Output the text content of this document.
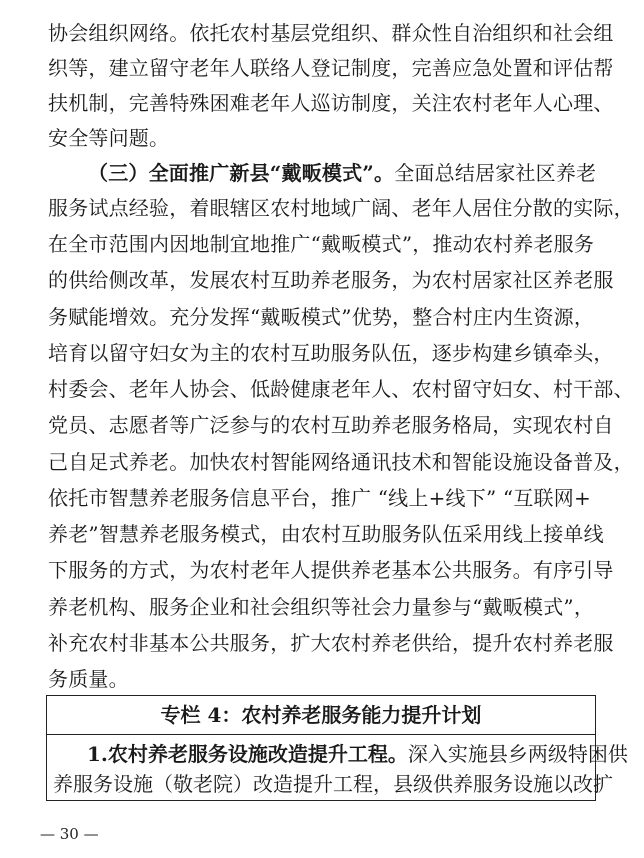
协会组织网络。依托农村基层党组织、群众性自治组织和社会组
织等，建立留守老年人联络人登记制度，完善应急处置和评估帮
扶机制，完善特殊困难老年人巡访制度，关注农村老年人心理、
安全等问题。
（三）全面推广新县“戴畈模式”。全面总结居家社区养老
专栏 4：农村养老服务能力提升计划
1.农村养老服务设施改造提升工程。深入实施县乡两级特困供
养服务设施（敬老院）改造提升工程，县级供养服务设施以改扩
— 30 —
服务试点经验，着眼辖区农村地域广阔、老年人居住分散的实际，
在全市范围内因地制宜地推广“戴畈模式”，推动农村养老服务
的供给侧改革，发展农村互助养老服务，为农村居家社区养老服
务赋能增效。充分发挥“戴畈模式”优势，整合村庄内生资源，
培育以留守妇女为主的农村互助服务队伍，逐步构建乡镇牵头，
村委会、老年人协会、低龄健康老年人、农村留守妇女、村干部、
党员、志愿者等广泛参与的农村互助养老服务格局，实现农村自
己自足式养老。加快农村智能网络通讯技术和智能设施设备普及，
依托市智慧养老服务信息平台，推广 “线上+线下” “互联网+
养老”智慧养老服务模式，由农村互助服务队伍采用线上接单线
下服务的方式，为农村老年人提供养老基本公共服务。有序引导
养老机构、服务企业和社会组织等社会力量参与“戴畈模式”，
补充农村非基本公共服务，扩大农村养老供给，提升农村养老服
务质量。
